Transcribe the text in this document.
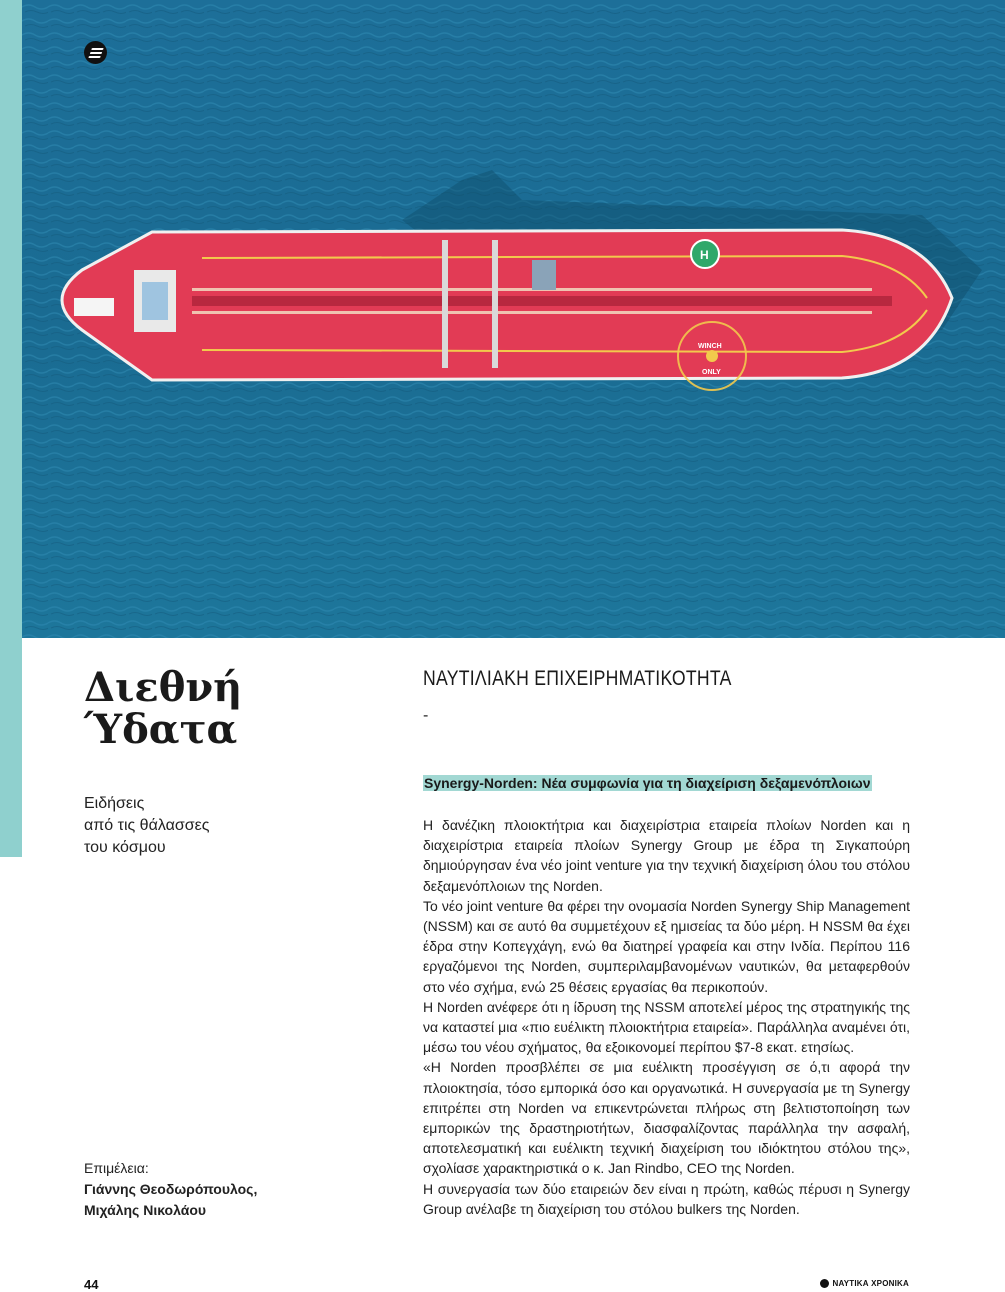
H
WINCH
ONLY
Διεθνή
Ύδατα
Ειδήσεις
από τις θάλασσες
του κόσμου
Επιμέλεια:
Γιάννης Θεοδωρόπουλος,
Μιχάλης Νικολάου
ΝΑΥΤΙΛΙΑΚΗ ΕΠΙΧΕΙΡΗΜΑΤΙΚΟΤΗΤΑ
-
Synergy-Norden: Νέα συμφωνία για τη διαχείριση δεξαμενόπλοιων

Η δανέζικη πλοιοκτήτρια και διαχειρίστρια εταιρεία πλοίων Norden και η διαχειρίστρια εταιρεία πλοίων Synergy Group με έδρα τη Σιγκαπούρη δημιούργησαν ένα νέο joint venture για την τεχνική διαχείριση όλου του στόλου δεξαμενόπλοιων της Norden.

Το νέο joint venture θα φέρει την ονομασία Norden Synergy Ship Management (NSSM) και σε αυτό θα συμμετέχουν εξ ημισείας τα δύο μέρη. Η NSSM θα έχει έδρα στην Κοπεγχάγη, ενώ θα διατηρεί γραφεία και στην Ινδία. Περίπου 116 εργαζόμενοι της Norden, συμπεριλαμβανομένων ναυτικών, θα μεταφερθούν στο νέο σχήμα, ενώ 25 θέσεις εργασίας θα περικοπούν.

Η Norden ανέφερε ότι η ίδρυση της NSSM αποτελεί μέρος της στρατηγικής της να καταστεί μια «πιο ευέλικτη πλοιοκτήτρια εταιρεία». Παράλληλα αναμένει ότι, μέσω του νέου σχήματος, θα εξοικονομεί περίπου $7-8 εκατ. ετησίως.

«Η Norden προσβλέπει σε μια ευέλικτη προσέγγιση σε ό,τι αφορά την πλοιοκτησία, τόσο εμπορικά όσο και οργανωτικά. Η συνεργασία με τη Synergy επιτρέπει στη Norden να επικεντρώνεται πλήρως στη βελτιστοποίηση των εμπορικών της δραστηριοτήτων, διασφαλίζοντας παράλληλα την ασφαλή, αποτελεσματική και ευέλικτη τεχνική διαχείριση του ιδιόκτητου στόλου της», σχολίασε χαρακτηριστικά ο κ. Jan Rindbo, CEO της Norden.

Η συνεργασία των δύο εταιρειών δεν είναι η πρώτη, καθώς πέρυσι η Synergy Group ανέλαβε τη διαχείριση του στόλου bulkers της Norden.

44	ΝΑΥΤΙΚΑ ΧΡΟΝΙΚΑ
